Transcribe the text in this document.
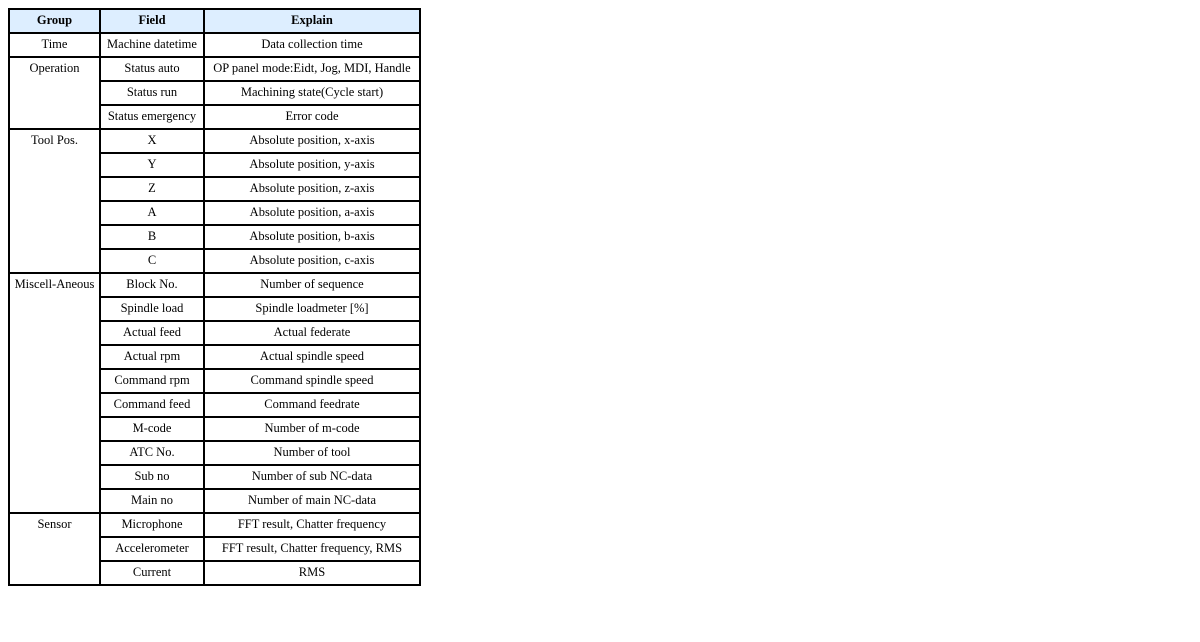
Group	Field	Explain
Time	Machine datetime	Data collection time
Operation	Status auto	OP panel mode:Eidt, Jog, MDI, Handle
	Status run	Machining state(Cycle start)
	Status emergency	Error code
Tool Pos.	X	Absolute position, x-axis
	Y	Absolute position, y-axis
	Z	Absolute position, z-axis
	A	Absolute position, a-axis
	B	Absolute position, b-axis
	C	Absolute position, c-axis
Miscell-Aneous	Block No.	Number of sequence
	Spindle load	Spindle loadmeter [%]
	Actual feed	Actual federate
	Actual rpm	Actual spindle speed
	Command rpm	Command spindle speed
	Command feed	Command feedrate
	M-code	Number of m-code
	ATC No.	Number of tool
	Sub no	Number of sub NC-data
	Main no	Number of main NC-data
Sensor	Microphone	FFT result, Chatter frequency
	Accelerometer	FFT result, Chatter frequency, RMS
	Current	RMS
